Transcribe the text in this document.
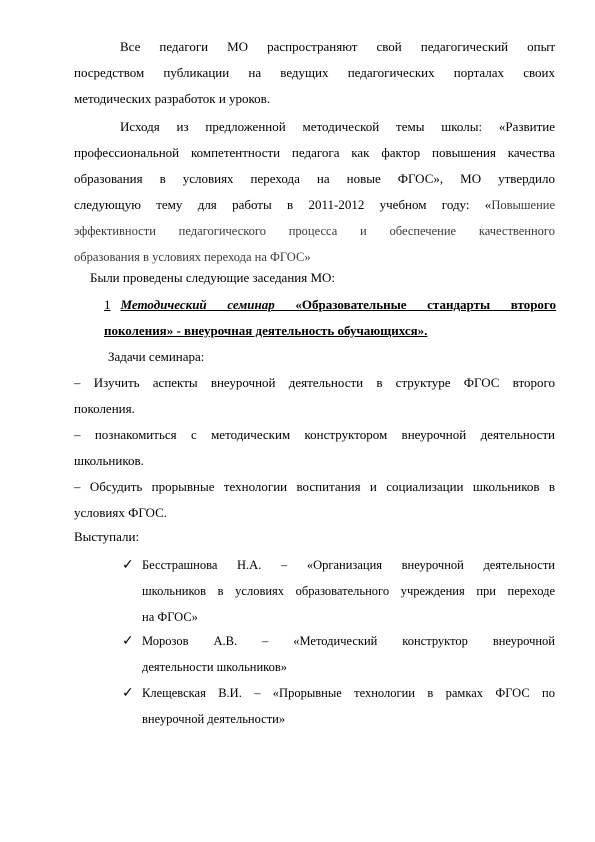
Все педагоги МО распространяют свой педагогический опыт
посредством публикации на ведущих педагогических порталах своих
методических разработок и уроков.
Исходя из предложенной методической темы школы: «Развитие
профессиональной компетентности педагога как фактор повышения качества
образования в условиях перехода на новые ФГОС», МО утвердило
следующую тему для работы в 2011-2012 учебном году: «Повышение
эффективности педагогического процесса и обеспечение качественного
образования в условиях перехода на ФГОС»
Были проведены следующие заседания МО:
1 Методический семинар «Образовательные стандарты второго
поколения» - внеурочная деятельность обучающихся».
Задачи семинара:
– Изучить аспекты внеурочной деятельности в структуре ФГОС второго
поколения.
– познакомиться с методическим конструктором внеурочной деятельности
школьников.
– Обсудить прорывные технологии воспитания и социализации школьников в
условиях ФГОС.
Выступали:
✓ Бесстрашнова Н.А. – «Организация внеурочной деятельности
школьников в условиях образовательного учреждения при переходе
на ФГОС»
✓ Морозов А.В. – «Методический конструктор внеурочной
деятельности школьников»
✓ Клещевская В.И. – «Прорывные технологии в рамках ФГОС по
внеурочной деятельности»
